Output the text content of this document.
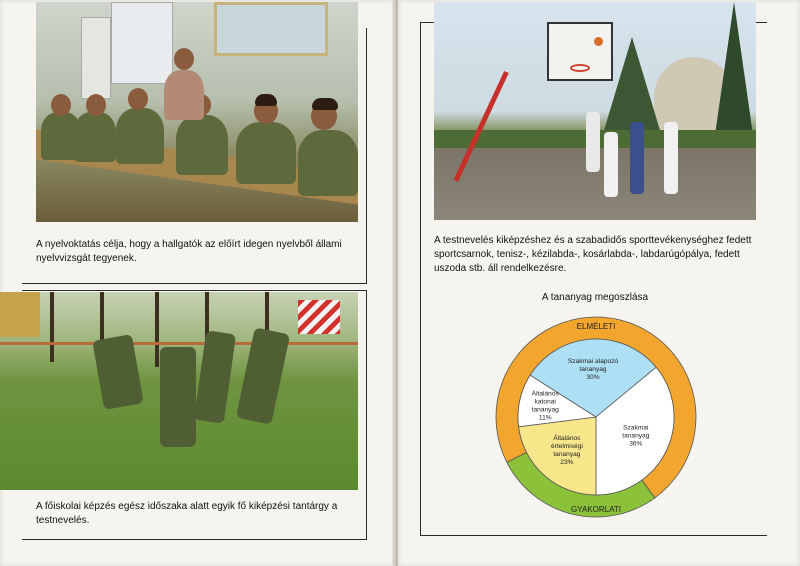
A nyelvoktatás célja, hogy a hallgatók az előírt idegen nyelvből állami nyelvvizsgát tegyenek.
A főiskolai képzés egész időszaka alatt egyik fő kiképzési tantárgy a testnevelés.
A testnevelés kiképzéshez és a szabadidős sporttevékenységhez fedett sportcsarnok, tenisz-, kézilabda-, kosárlabda-, labdarúgópálya, fedett uszoda stb. áll rendelkezésre.
A tananyag megoszlása
ELMÉLETI
GYAKORLATI
Szakmai alapozó tananyag 30%
Szakmai tananyag 36%
Általános értelmiségi tananyag 23%
Általános katonai tananyag 11%
